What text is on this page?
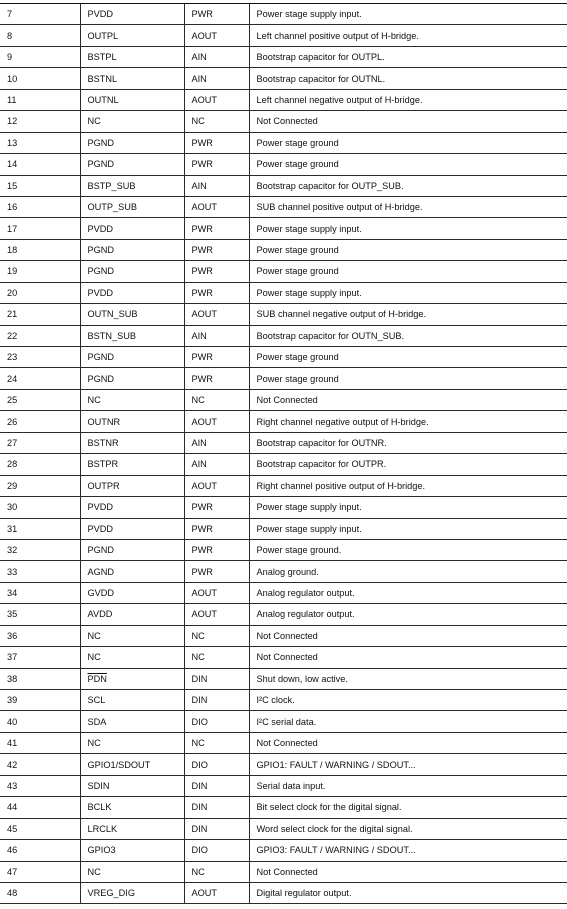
7	PVDD	PWR	Power stage supply input.
8	OUTPL	AOUT	Left channel positive output of H-bridge.
9	BSTPL	AIN	Bootstrap capacitor for OUTPL.
10	BSTNL	AIN	Bootstrap capacitor for OUTNL.
11	OUTNL	AOUT	Left channel negative output of H-bridge.
12	NC	NC	Not Connected
13	PGND	PWR	Power stage ground
14	PGND	PWR	Power stage ground
15	BSTP_SUB	AIN	Bootstrap capacitor for OUTP_SUB.
16	OUTP_SUB	AOUT	SUB channel positive output of H-bridge.
17	PVDD	PWR	Power stage supply input.
18	PGND	PWR	Power stage ground
19	PGND	PWR	Power stage ground
20	PVDD	PWR	Power stage supply input.
21	OUTN_SUB	AOUT	SUB channel negative output of H-bridge.
22	BSTN_SUB	AIN	Bootstrap capacitor for OUTN_SUB.
23	PGND	PWR	Power stage ground
24	PGND	PWR	Power stage ground
25	NC	NC	Not Connected
26	OUTNR	AOUT	Right channel negative output of H-bridge.
27	BSTNR	AIN	Bootstrap capacitor for OUTNR.
28	BSTPR	AIN	Bootstrap capacitor for OUTPR.
29	OUTPR	AOUT	Right channel positive output of H-bridge.
30	PVDD	PWR	Power stage supply input.
31	PVDD	PWR	Power stage supply input.
32	PGND	PWR	Power stage ground.
33	AGND	PWR	Analog ground.
34	GVDD	AOUT	Analog regulator output.
35	AVDD	AOUT	Analog regulator output.
36	NC	NC	Not Connected
37	NC	NC	Not Connected
38	$\overline{PDN}$	DIN	Shut down, low active.
39	SCL	DIN	I²C clock.
40	SDA	DIO	I²C serial data.
41	NC	NC	Not Connected
42	GPIO1/SDOUT	DIO	GPIO1: FAULT / WARNING / SDOUT...
43	SDIN	DIN	Serial data input.
44	BCLK	DIN	Bit select clock for the digital signal.
45	LRCLK	DIN	Word select clock for the digital signal.
46	GPIO3	DIO	GPIO3: FAULT / WARNING / SDOUT...
47	NC	NC	Not Connected
48	VREG_DIG	AOUT	Digital regulator output.
